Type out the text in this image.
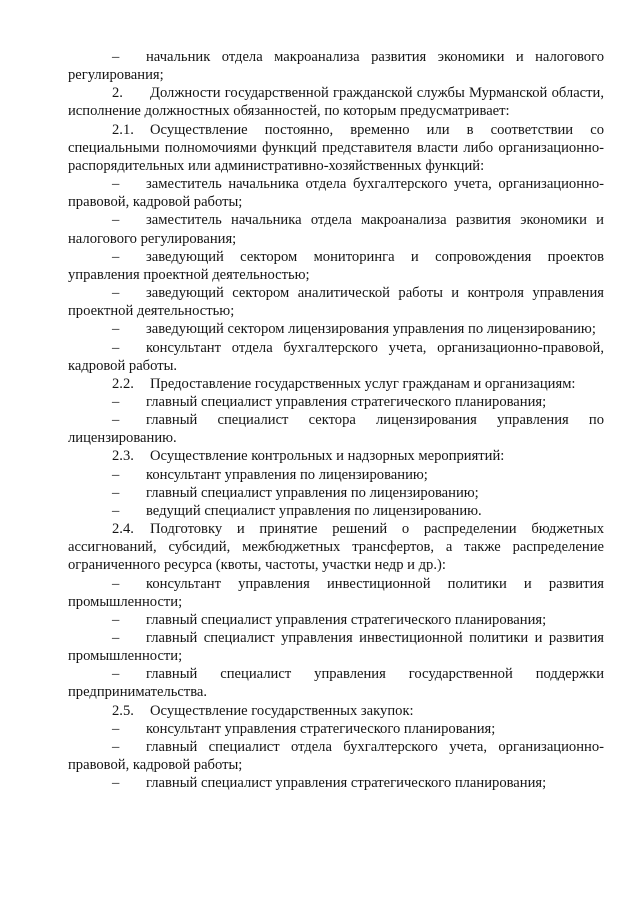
– начальник отдела макроанализа развития экономики и налогового регулирования;

2. Должности государственной гражданской службы Мурманской области, исполнение должностных обязанностей, по которым предусматривает:

2.1. Осуществление постоянно, временно или в соответствии со специальными полномочиями функций представителя власти либо организационно-распорядительных или административно-хозяйственных функций:

– заместитель начальника отдела бухгалтерского учета, организационно-правовой, кадровой работы;

– заместитель начальника отдела макроанализа развития экономики и налогового регулирования;

– заведующий сектором мониторинга и сопровождения проектов управления проектной деятельностью;

– заведующий сектором аналитической работы и контроля управления проектной деятельностью;

– заведующий сектором лицензирования управления по лицензированию;

– консультант отдела бухгалтерского учета, организационно-правовой, кадровой работы.

2.2. Предоставление государственных услуг гражданам и организациям:

– главный специалист управления стратегического планирования;

– главный специалист сектора лицензирования управления по лицензированию.

2.3. Осуществление контрольных и надзорных мероприятий:

– консультант управления по лицензированию;

– главный специалист управления по лицензированию;

– ведущий специалист управления по лицензированию.

2.4. Подготовку и принятие решений о распределении бюджетных ассигнований, субсидий, межбюджетных трансфертов, а также распределение ограниченного ресурса (квоты, частоты, участки недр и др.):

– консультант управления инвестиционной политики и развития промышленности;

– главный специалист управления стратегического планирования;

– главный специалист управления инвестиционной политики и развития промышленности;

– главный специалист управления государственной поддержки предпринимательства.

2.5. Осуществление государственных закупок:

– консультант управления стратегического планирования;

– главный специалист отдела бухгалтерского учета, организационно-правовой, кадровой работы;

– главный специалист управления стратегического планирования;
